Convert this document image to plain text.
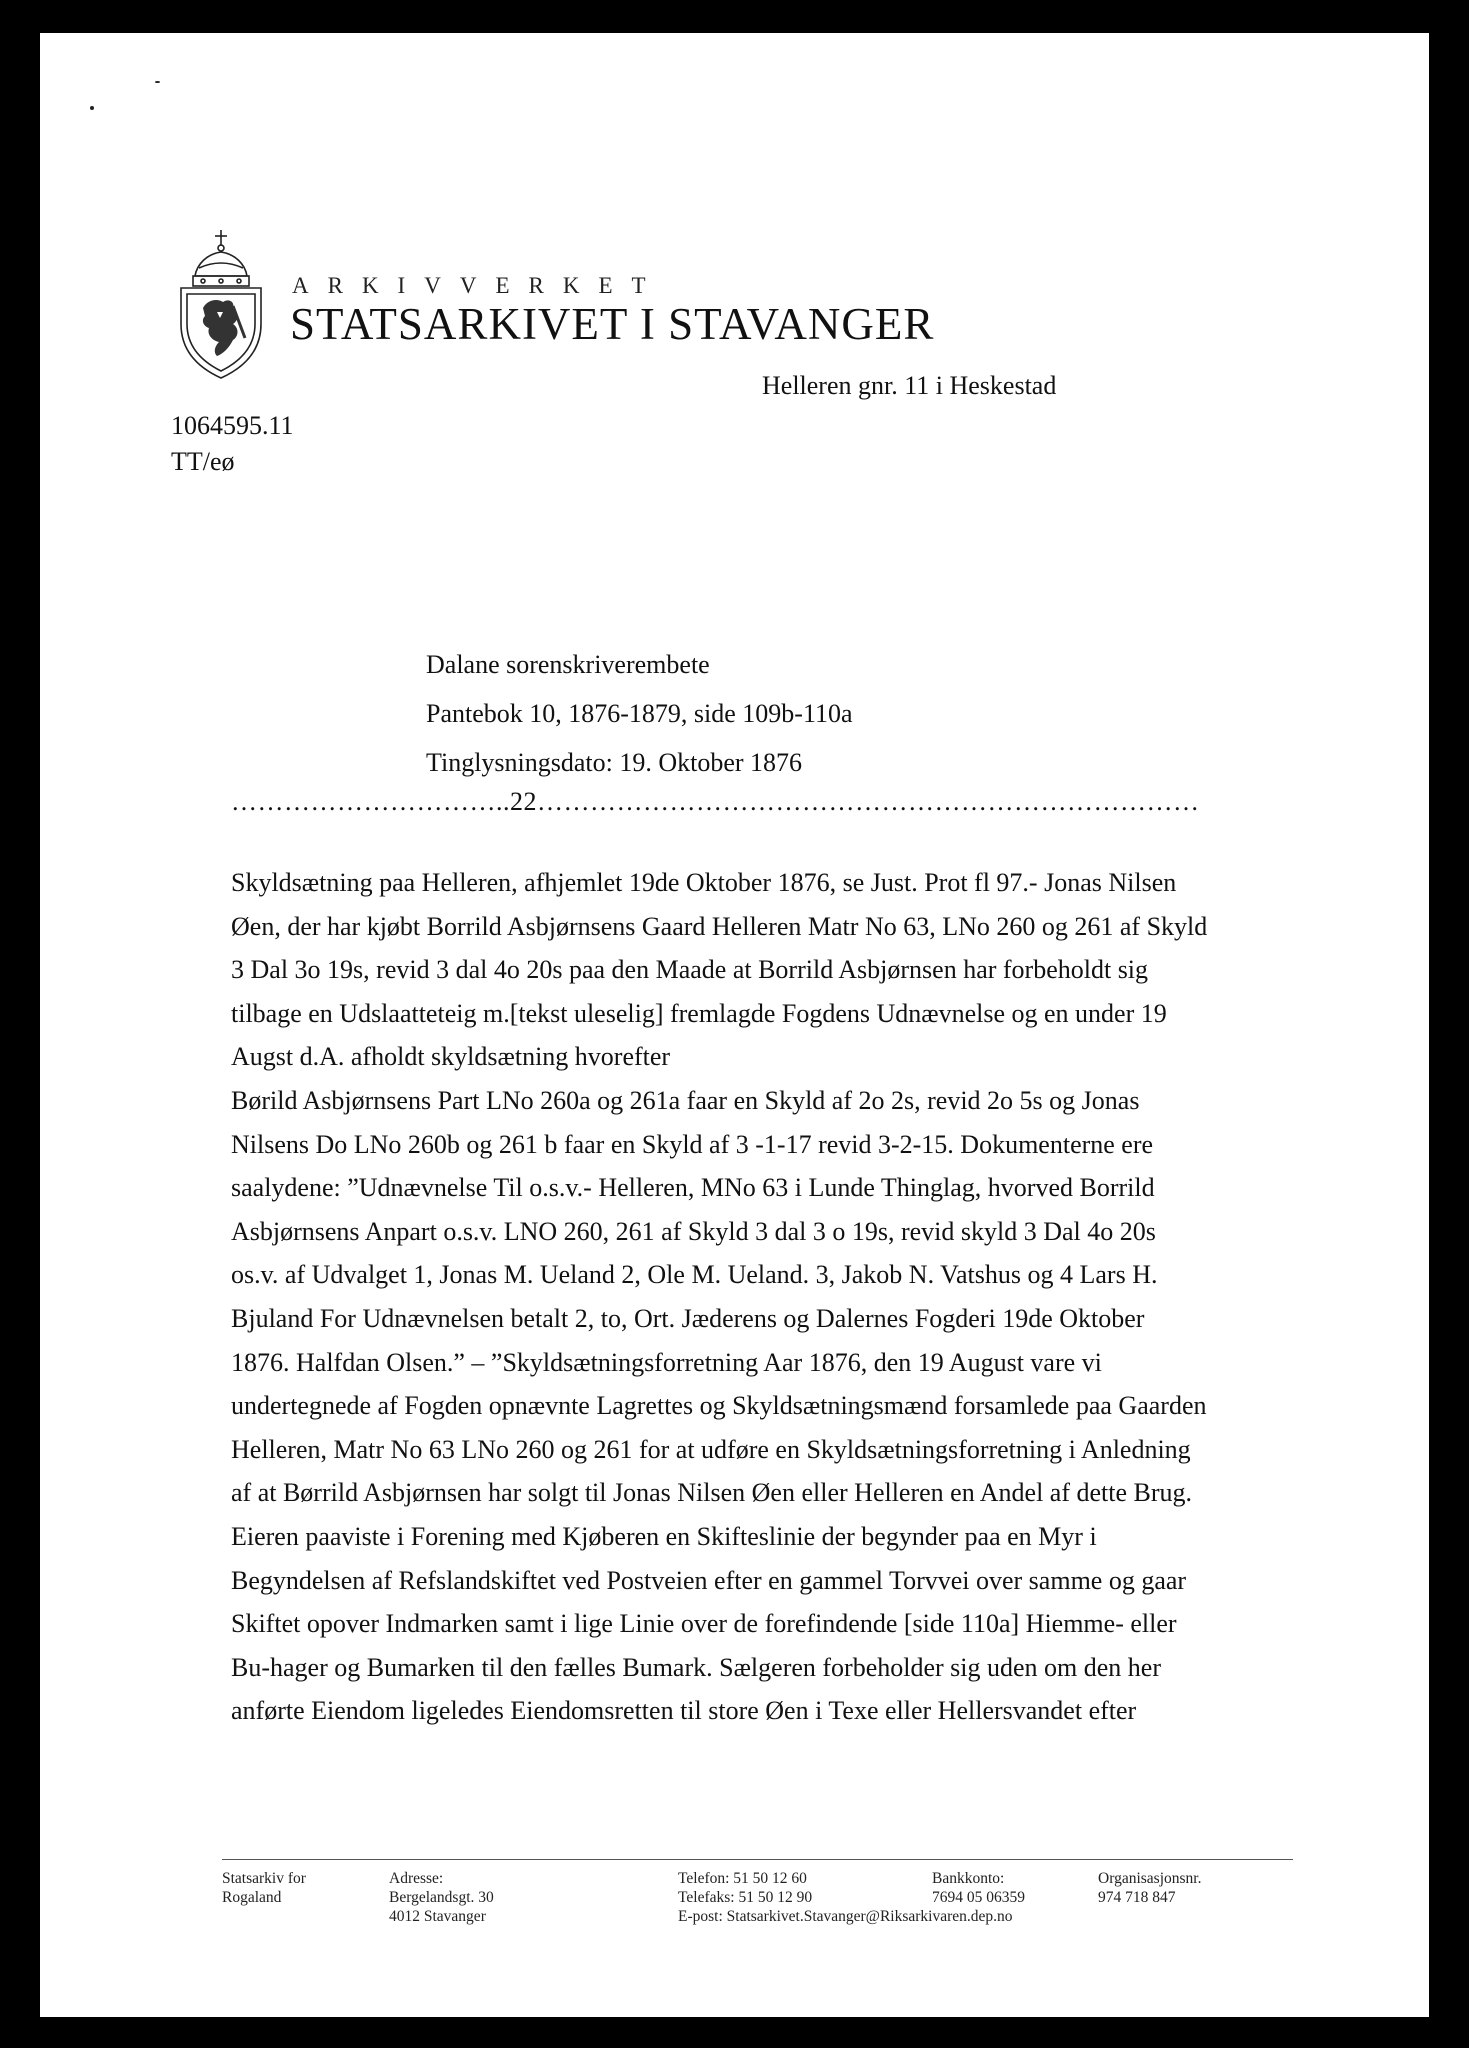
ARKIVVERKET
STATSARKIVET I STAVANGER
Helleren gnr. 11 i Heskestad
1064595.11
TT/eø
Dalane sorenskriverembete
Pantebok 10, 1876-1879, side 109b-110a
Tinglysningsdato: 19. Oktober 1876
…………………………..22…………………………………………………………………
Skyldsætning paa Helleren, afhjemlet 19de Oktober 1876, se Just. Prot fl 97.- Jonas Nilsen
Øen, der har kjøbt Borrild Asbjørnsens Gaard Helleren Matr No 63, LNo 260 og 261 af Skyld
3 Dal 3o 19s, revid 3 dal 4o 20s paa den Maade at Borrild Asbjørnsen har forbeholdt sig
tilbage en Udslaatteteig m.[tekst uleselig] fremlagde Fogdens Udnævnelse og en under 19
Augst d.A. afholdt skyldsætning hvorefter
Børild Asbjørnsens Part LNo 260a og 261a faar en Skyld af 2o 2s, revid 2o 5s og Jonas
Nilsens Do LNo 260b og 261 b faar en Skyld af 3 -1-17 revid 3-2-15. Dokumenterne ere
saalydene: ”Udnævnelse Til o.s.v.- Helleren, MNo 63 i Lunde Thinglag, hvorved Borrild
Asbjørnsens Anpart o.s.v. LNO 260, 261 af Skyld 3 dal 3 o 19s, revid skyld 3 Dal 4o 20s
os.v. af Udvalget 1, Jonas M. Ueland 2, Ole M. Ueland. 3, Jakob N. Vatshus og 4 Lars H.
Bjuland For Udnævnelsen betalt 2, to, Ort. Jæderens og Dalernes Fogderi 19de Oktober
1876. Halfdan Olsen.” – ”Skyldsætningsforretning Aar 1876, den 19 August vare vi
undertegnede af Fogden opnævnte Lagrettes og Skyldsætningsmænd forsamlede paa Gaarden
Helleren, Matr No 63 LNo 260 og 261 for at udføre en Skyldsætningsforretning i Anledning
af at Børrild Asbjørnsen har solgt til Jonas Nilsen Øen eller Helleren en Andel af dette Brug.
Eieren paaviste i Forening med Kjøberen en Skifteslinie der begynder paa en Myr i
Begyndelsen af Refslandskiftet ved Postveien efter en gammel Torvvei over samme og gaar
Skiftet opover Indmarken samt i lige Linie over de forefindende [side 110a] Hiemme- eller
Bu-hager og Bumarken til den fælles Bumark. Sælgeren forbeholder sig uden om den her
anførte Eiendom ligeledes Eiendomsretten til store Øen i Texe eller Hellersvandet efter
Statsarkiv for
Rogaland
Adresse:
Bergelandsgt. 30
4012 Stavanger
Telefon: 51 50 12 60
Telefaks: 51 50 12 90
E-post: Statsarkivet.Stavanger@Riksarkivaren.dep.no
Bankkonto:
7694 05 06359
Organisasjonsnr.
974 718 847
